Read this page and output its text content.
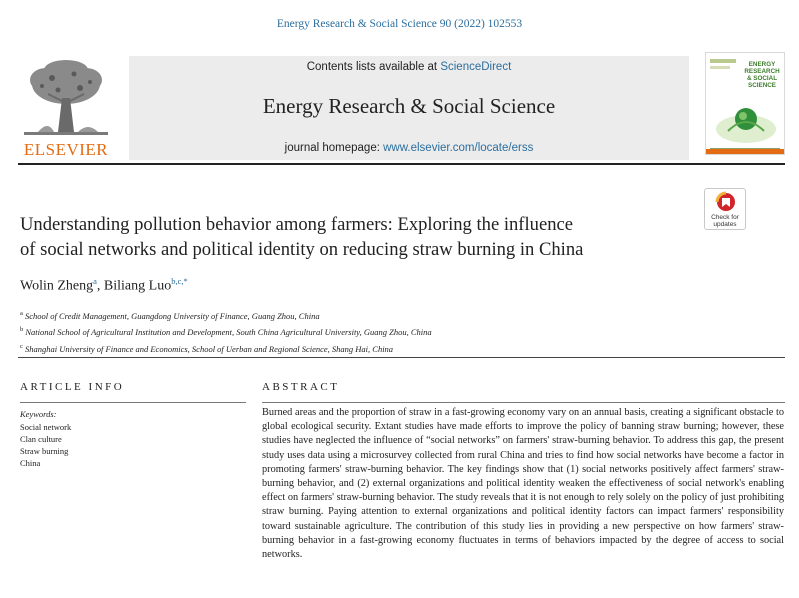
Energy Research & Social Science 90 (2022) 102553
ELSEVIER
Contents lists available at ScienceDirect
Energy Research & Social Science
journal homepage: www.elsevier.com/locate/erss
ENERGY
RESEARCH
& SOCIAL
SCIENCE
Understanding pollution behavior among farmers: Exploring the influence
of social networks and political identity on reducing straw burning in China
Check for
updates
Wolin Zheng$^a$, Biliang Luo$^{b,c,*}$
$^a$ School of Credit Management, Guangdong University of Finance, Guang Zhou, China
$^b$ National School of Agricultural Institution and Development, South China Agricultural University, Guang Zhou, China
$^c$ Shanghai University of Finance and Economics, School of Uerban and Regional Science, Shang Hai, China
ARTICLE INFO
Keywords:
Social network
Clan culture
Straw burning
China
ABSTRACT
Burned areas and the proportion of straw in a fast-growing economy vary on an annual basis, creating a significant obstacle to global ecological security. Extant studies have made efforts to improve the policy of banning straw burning; however, these studies have neglected the influence of “social networks” on farmers' straw-burning behavior. To address this gap, the present study uses data using a microsurvey collected from rural China and tries to find how social networks have become a factor in promoting farmers' straw-burning behavior. The key findings show that (1) social networks positively affect farmers' straw-burning behavior, and (2) external organizations and political identity weaken the effectiveness of social network's enabling effect on farmers' straw-burning behavior. The study reveals that it is not enough to rely solely on the policy of just prohibiting straw burning. Paying attention to external organizations and political identity factors can impact farmers' responsibility toward sustainable agriculture. The contribution of this study lies in providing a new perspective on how farmers' straw-burning behavior in a fast-growing economy fluctuates in terms of behaviors impacted by the degree of access to social networks.
